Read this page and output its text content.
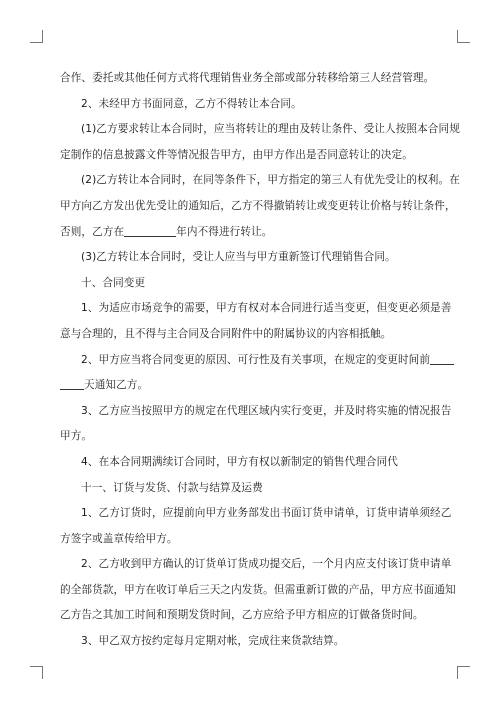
合作、委托或其他任何方式将代理销售业务全部或部分转移给第三人经营管理。
2、未经甲方书面同意，乙方不得转让本合同。
(1)乙方要求转让本合同时，应当将转让的理由及转让条件、受让人按照本合同规
定制作的信息披露文件等情况报告甲方，由甲方作出是否同意转让的决定。
(2)乙方转让本合同时，在同等条件下，甲方指定的第三人有优先受让的权利。在
甲方向乙方发出优先受让的通知后，乙方不得撤销转让或变更转让价格与转让条件，
否则，乙方在	年内不得进行转让。
(3)乙方转让本合同时，受让人应当与甲方重新签订代理销售合同。
十、合同变更
1、为适应市场竞争的需要，甲方有权对本合同进行适当变更，但变更必须是善
意与合理的，且不得与主合同及合同附件中的附属协议的内容相抵触。
2、甲方应当将合同变更的原因、可行性及有关事项，在规定的变更时间前
天通知乙方。
3、乙方应当按照甲方的规定在代理区域内实行变更，并及时将实施的情况报告
甲方。
4、在本合同期满续订合同时，甲方有权以新制定的销售代理合同代
十一、订货与发货、付款与结算及运费
1、乙方订货时，应提前向甲方业务部发出书面订货申请单，订货申请单须经乙
方签字或盖章传给甲方。
2、乙方收到甲方确认的订货单订货成功提交后，一个月内应支付该订货申请单
的全部货款，甲方在收订单后三天之内发货。但需重新订做的产品，甲方应书面通知
乙方告之其加工时间和预期发货时间，乙方应给予甲方相应的订做备货时间。
3、甲乙双方按约定每月定期对帐，完成往来货款结算。
